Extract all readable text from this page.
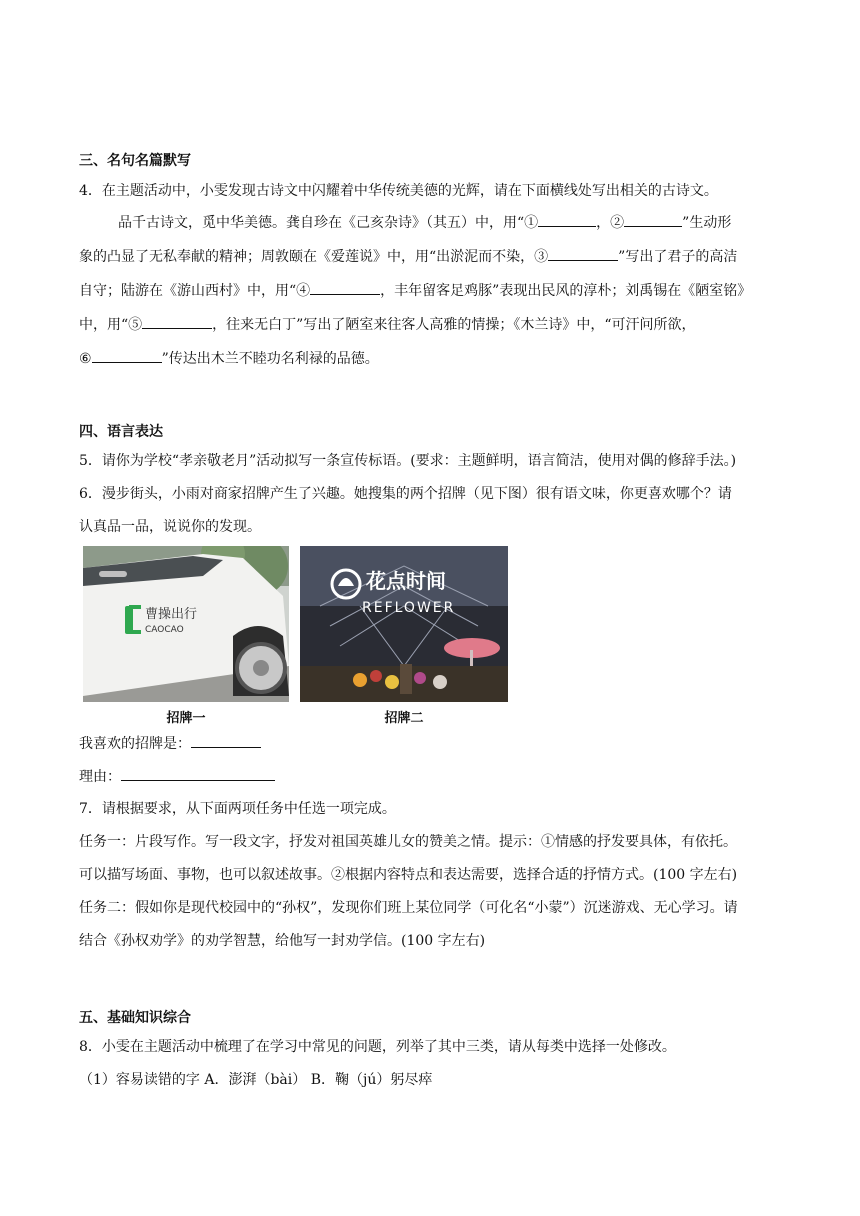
三、名句名篇默写
4．在主题活动中，小雯发现古诗文中闪耀着中华传统美德的光辉，请在下面横线处写出相关的古诗文。
品千古诗文，觅中华美德。龚自珍在《己亥杂诗》（其五）中，用“①	，②	”生动形
象的凸显了无私奉献的精神；周敦颐在《爱莲说》中，用“出淤泥而不染，③	”写出了君子的高洁
自守；陆游在《游山西村》中，用“④	，丰年留客足鸡豚”表现出民风的淳朴；刘禹锡在《陋室铭》
中，用“⑤	，往来无白丁”写出了陋室来往客人高雅的情操；《木兰诗》中，“可汗问所欲，
⑥	”传达出木兰不睦功名利禄的品德。
四、语言表达
5．请你为学校“孝亲敬老月”活动拟写一条宣传标语。(要求：主题鲜明，语言简洁，使用对偶的修辞手法。)
6．漫步街头，小雨对商家招牌产生了兴趣。她搜集的两个招牌（见下图）很有语文味，你更喜欢哪个？请
认真品一品，说说你的发现。
曹操出行
CAOCAO
招牌一
花点时间
REFLOWER
招牌二
我喜欢的招牌是：
理由：
7．请根据要求，从下面两项任务中任选一项完成。
任务一：片段写作。写一段文字，抒发对祖国英雄儿女的赞美之情。提示：①情感的抒发要具体，有依托。
可以描写场面、事物，也可以叙述故事。②根据内容特点和表达需要，选择合适的抒情方式。(100 字左右)
任务二：假如你是现代校园中的“孙权”，发现你们班上某位同学（可化名“小蒙”）沉迷游戏、无心学习。请
结合《孙权劝学》的劝学智慧，给他写一封劝学信。(100 字左右)
五、基础知识综合
8．小雯在主题活动中梳理了在学习中常见的问题，列举了其中三类，请从每类中选择一处修改。
（1）容易读错的字 A．澎湃（bài） B．鞠（jú）躬尽瘁
